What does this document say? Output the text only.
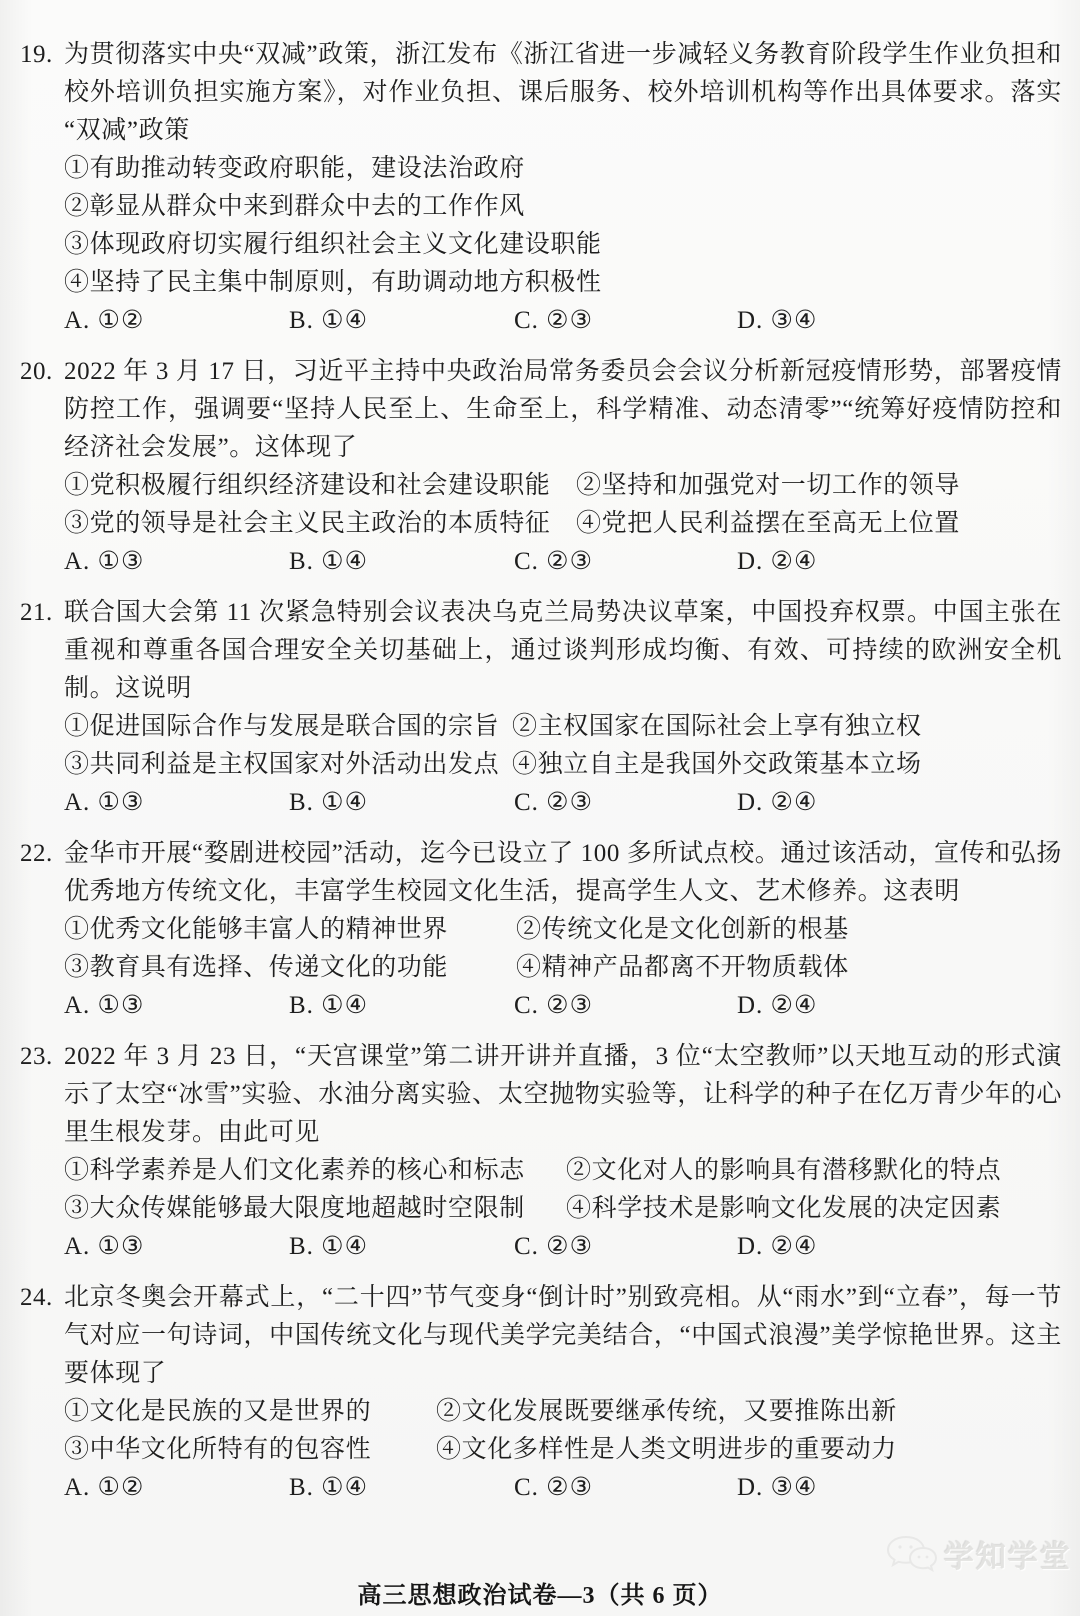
19. 为贯彻落实中央“双减”政策，浙江发布《浙江省进一步减轻义务教育阶段学生作业负担和校外培训负担实施方案》，对作业负担、课后服务、校外培训机构等作出具体要求。落实“双减”政策

①有助推动转变政府职能，建设法治政府
②彰显从群众中来到群众中去的工作作风
③体现政府切实履行组织社会主义文化建设职能
④坚持了民主集中制原则，有助调动地方积极性
A. ①②	B. ①④	C. ②③	D. ③④
20. 2022 年 3 月 17 日，习近平主持中央政治局常务委员会会议分析新冠疫情形势，部署疫情防控工作，强调要“坚持人民至上、生命至上，科学精准、动态清零”“统筹好疫情防控和经济社会发展”。这体现了

①党积极履行组织经济建设和社会建设职能	②坚持和加强党对一切工作的领导
③党的领导是社会主义民主政治的本质特征	④党把人民利益摆在至高无上位置
A. ①③	B. ①④	C. ②③	D. ②④
21. 联合国大会第 11 次紧急特别会议表决乌克兰局势决议草案，中国投弃权票。中国主张在重视和尊重各国合理安全关切基础上，通过谈判形成均衡、有效、可持续的欧洲安全机制。这说明

①促进国际合作与发展是联合国的宗旨 ②主权国家在国际社会上享有独立权
③共同利益是主权国家对外活动出发点 ④独立自主是我国外交政策基本立场
A. ①③	B. ①④	C. ②③	D. ②④
22. 金华市开展“婺剧进校园”活动，迄今已设立了 100 多所试点校。通过该活动，宣传和弘扬优秀地方传统文化，丰富学生校园文化生活，提高学生人文、艺术修养。这表明

①优秀文化能够丰富人的精神世界	②传统文化是文化创新的根基
③教育具有选择、传递文化的功能	④精神产品都离不开物质载体
A. ①③	B. ①④	C. ②③	D. ②④
23. 2022 年 3 月 23 日，“天宫课堂”第二讲开讲并直播，3 位“太空教师”以天地互动的形式演示了太空“冰雪”实验、水油分离实验、太空抛物实验等，让科学的种子在亿万青少年的心里生根发芽。由此可见

①科学素养是人们文化素养的核心和标志	②文化对人的影响具有潜移默化的特点
③大众传媒能够最大限度地超越时空限制	④科学技术是影响文化发展的决定因素
A. ①③	B. ①④	C. ②③	D. ②④
24. 北京冬奥会开幕式上，“二十四”节气变身“倒计时”别致亮相。从“雨水”到“立春”，每一节气对应一句诗词，中国传统文化与现代美学完美结合，“中国式浪漫”美学惊艳世界。这主要体现了

①文化是民族的又是世界的	②文化发展既要继承传统，又要推陈出新
③中华文化所特有的包容性	④文化多样性是人类文明进步的重要动力
A. ①②	B. ①④	C. ②③	D. ③④
学知学堂
高三思想政治试卷—3（共 6 页）
